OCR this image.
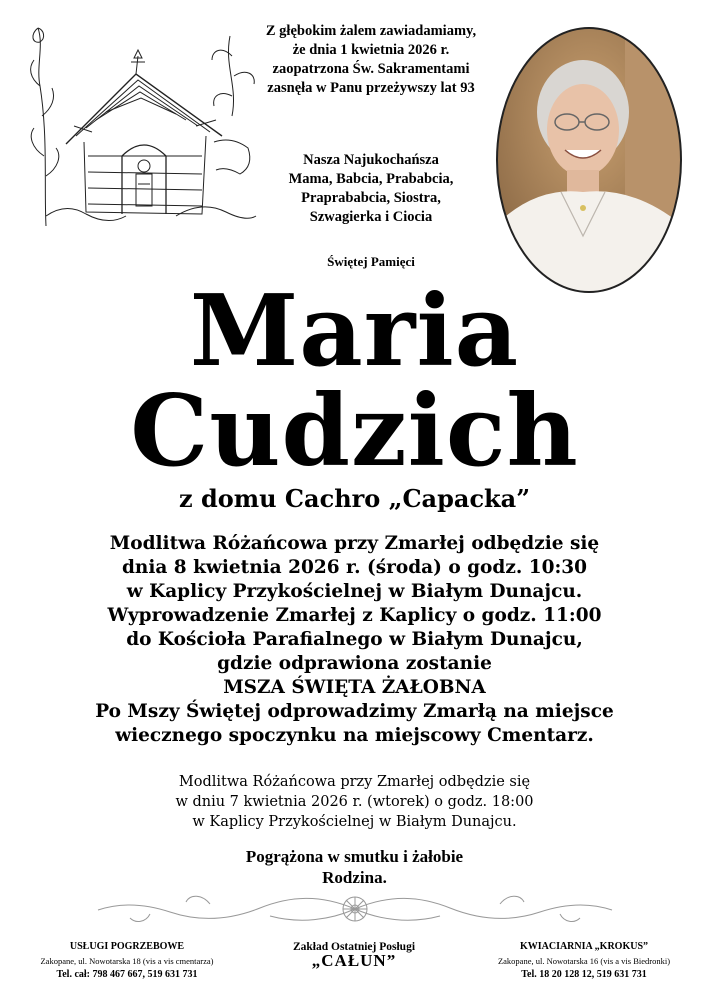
Z głębokim żalem zawiadamiamy,
że dnia 1 kwietnia 2026 r.
zaopatrzona Św. Sakramentami
zasnęła w Panu przeżywszy lat 93
Nasza Najukochańsza
Mama, Babcia, Prababcia,
Praprababcia, Siostra,
Szwagierka i Ciocia
Świętej Pamięci
Maria
Cudzich
z domu Cachro „Capacka”
Modlitwa Różańcowa przy Zmarłej odbędzie się
dnia 8 kwietnia 2026 r. (środa) o godz. 10:30
w Kaplicy Przykościelnej w Białym Dunajcu.
Wyprowadzenie Zmarłej z Kaplicy o godz. 11:00
do Kościoła Parafialnego w Białym Dunajcu,
gdzie odprawiona zostanie
MSZA ŚWIĘTA ŻAŁOBNA
Po Mszy Świętej odprowadzimy Zmarłą na miejsce
wiecznego spoczynku na miejscowy Cmentarz.
Modlitwa Różańcowa przy Zmarłej odbędzie się
w dniu 7 kwietnia 2026 r. (wtorek) o godz. 18:00
w Kaplicy Przykościelnej w Białym Dunajcu.
Pogrążona w smutku i żałobie
Rodzina.
USŁUGI POGRZEBOWE
Zakopane, ul. Nowotarska 18 (vis a vis cmentarza)
Tel. cał: 798 467 667, 519 631 731
Zakład Ostatniej Posługi
„CAŁUN”
KWIACIARNIA „KROKUS”
Zakopane, ul. Nowotarska 16 (vis a vis Biedronki)
Tel. 18 20 128 12, 519 631 731
